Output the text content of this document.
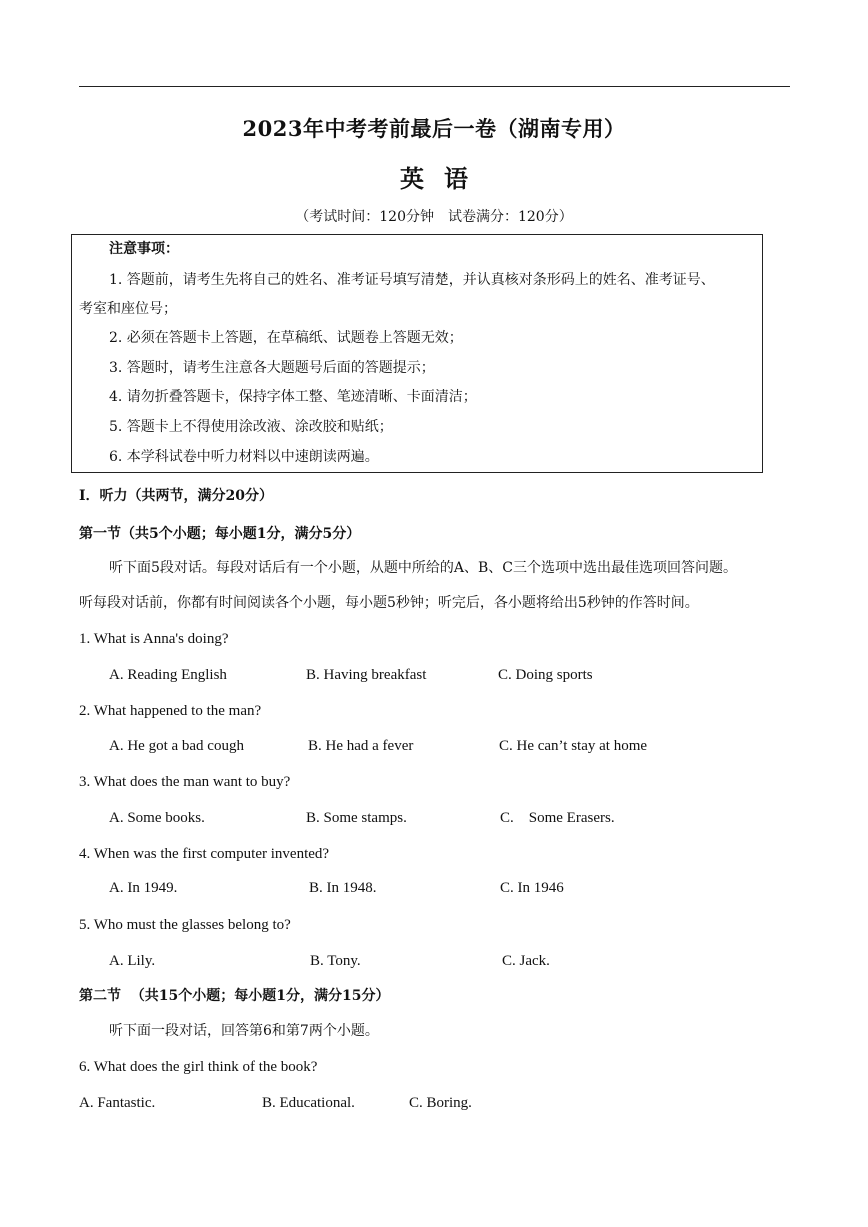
2023年中考考前最后一卷（湖南专用）
英语
（考试时间：120分钟　试卷满分：120分）
注意事项：
1. 答题前，请考生先将自己的姓名、准考证号填写清楚，并认真核对条形码上的姓名、准考证号、
考室和座位号；
2. 必须在答题卡上答题，在草稿纸、试题卷上答题无效；
3. 答题时，请考生注意各大题题号后面的答题提示；
4. 请勿折叠答题卡，保持字体工整、笔迹清晰、卡面清洁；
5. 答题卡上不得使用涂改液、涂改胶和贴纸；
6. 本学科试卷中听力材料以中速朗读两遍。
I．听力（共两节，满分20分）
第一节（共5个小题；每小题1分，满分5分）
听下面5段对话。每段对话后有一个小题，从题中所给的A、B、C三个选项中选出最佳选项回答问题。
听每段对话前，你都有时间阅读各个小题，每小题5秒钟；听完后，各小题将给出5秒钟的作答时间。
1. What is Anna's doing?
A. Reading English	B. Having breakfast	C. Doing sports
2. What happened to the man?
A. He got a bad cough	B. He had a fever	C. He can’t stay at home
3. What does the man want to buy?
A. Some books.	B. Some stamps.	C.    Some Erasers.
4. When was the first computer invented?
A. In 1949.	B. In 1948.	C. In 1946
5. Who must the glasses belong to?
A. Lily.	B. Tony.	C. Jack.
第二节  （共15个小题；每小题1分，满分15分）
听下面一段对话，回答第6和第7两个小题。
6. What does the girl think of the book?
A. Fantastic.	B. Educational.	C. Boring.
